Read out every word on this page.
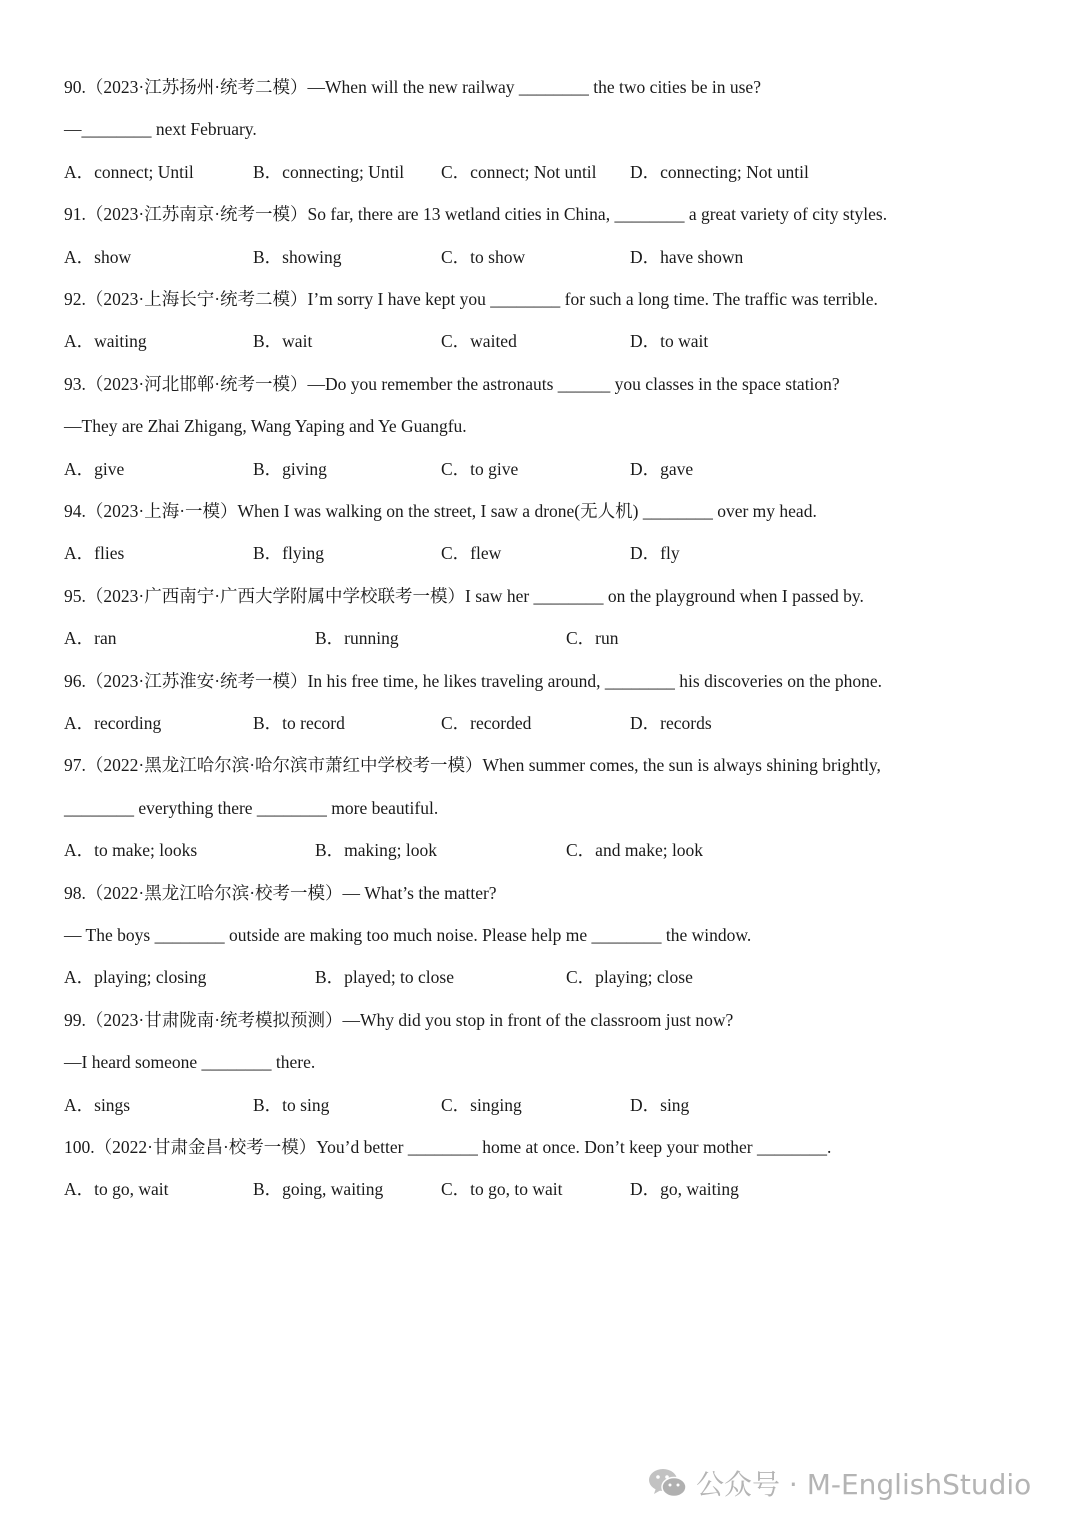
90.（2023·江苏扬州·统考二模）—When will the new railway ________ the two cities be in use?
—________ next February.
A．connect; Until	B．connecting; Until C．connect; Not until D．connecting; Not until
91.（2023·江苏南京·统考一模）So far, there are 13 wetland cities in China, ________ a great variety of city styles.
A．show	B．showing	C．to show	D．have shown
92.（2023·上海长宁·统考二模）I’m sorry I have kept you ________ for such a long time. The traffic was terrible.
A．waiting	B．wait	C．waited	D．to wait
93.（2023·河北邯郸·统考一模）—Do you remember the astronauts ______ you classes in the space station?
—They are Zhai Zhigang, Wang Yaping and Ye Guangfu.
A．give	B．giving	C．to give	D．gave
94.（2023·上海·一模）When I was walking on the street, I saw a drone(无人机) ________ over my head.
A．flies	B．flying	C．flew	D．fly
95.（2023·广西南宁·广西大学附属中学校联考一模）I saw her ________ on the playground when I passed by.
A．ran	B．running	C．run
96.（2023·江苏淮安·统考一模）In his free time, he likes traveling around, ________ his discoveries on the phone.
A．recording	B．to record	C．recorded	D．records
97.（2022·黑龙江哈尔滨·哈尔滨市萧红中学校考一模）When summer comes, the sun is always shining brightly,
________ everything there ________ more beautiful.
A．to make; looks	B．making; look	C．and make; look
98.（2022·黑龙江哈尔滨·校考一模）— What’s the matter?
— The boys ________ outside are making too much noise. Please help me ________ the window.
A．playing; closing	B．played; to close	C．playing; close
99.（2023·甘肃陇南·统考模拟预测）—Why did you stop in front of the classroom just now?
—I heard someone ________ there.
A．sings	B．to sing	C．singing	D．sing
100.（2022·甘肃金昌·校考一模）You’d better ________ home at once. Don’t keep your mother ________.
A．to go, wait	B．going, waiting	C．to go, to wait	D．go, waiting
公众号 · M-EnglishStudio
